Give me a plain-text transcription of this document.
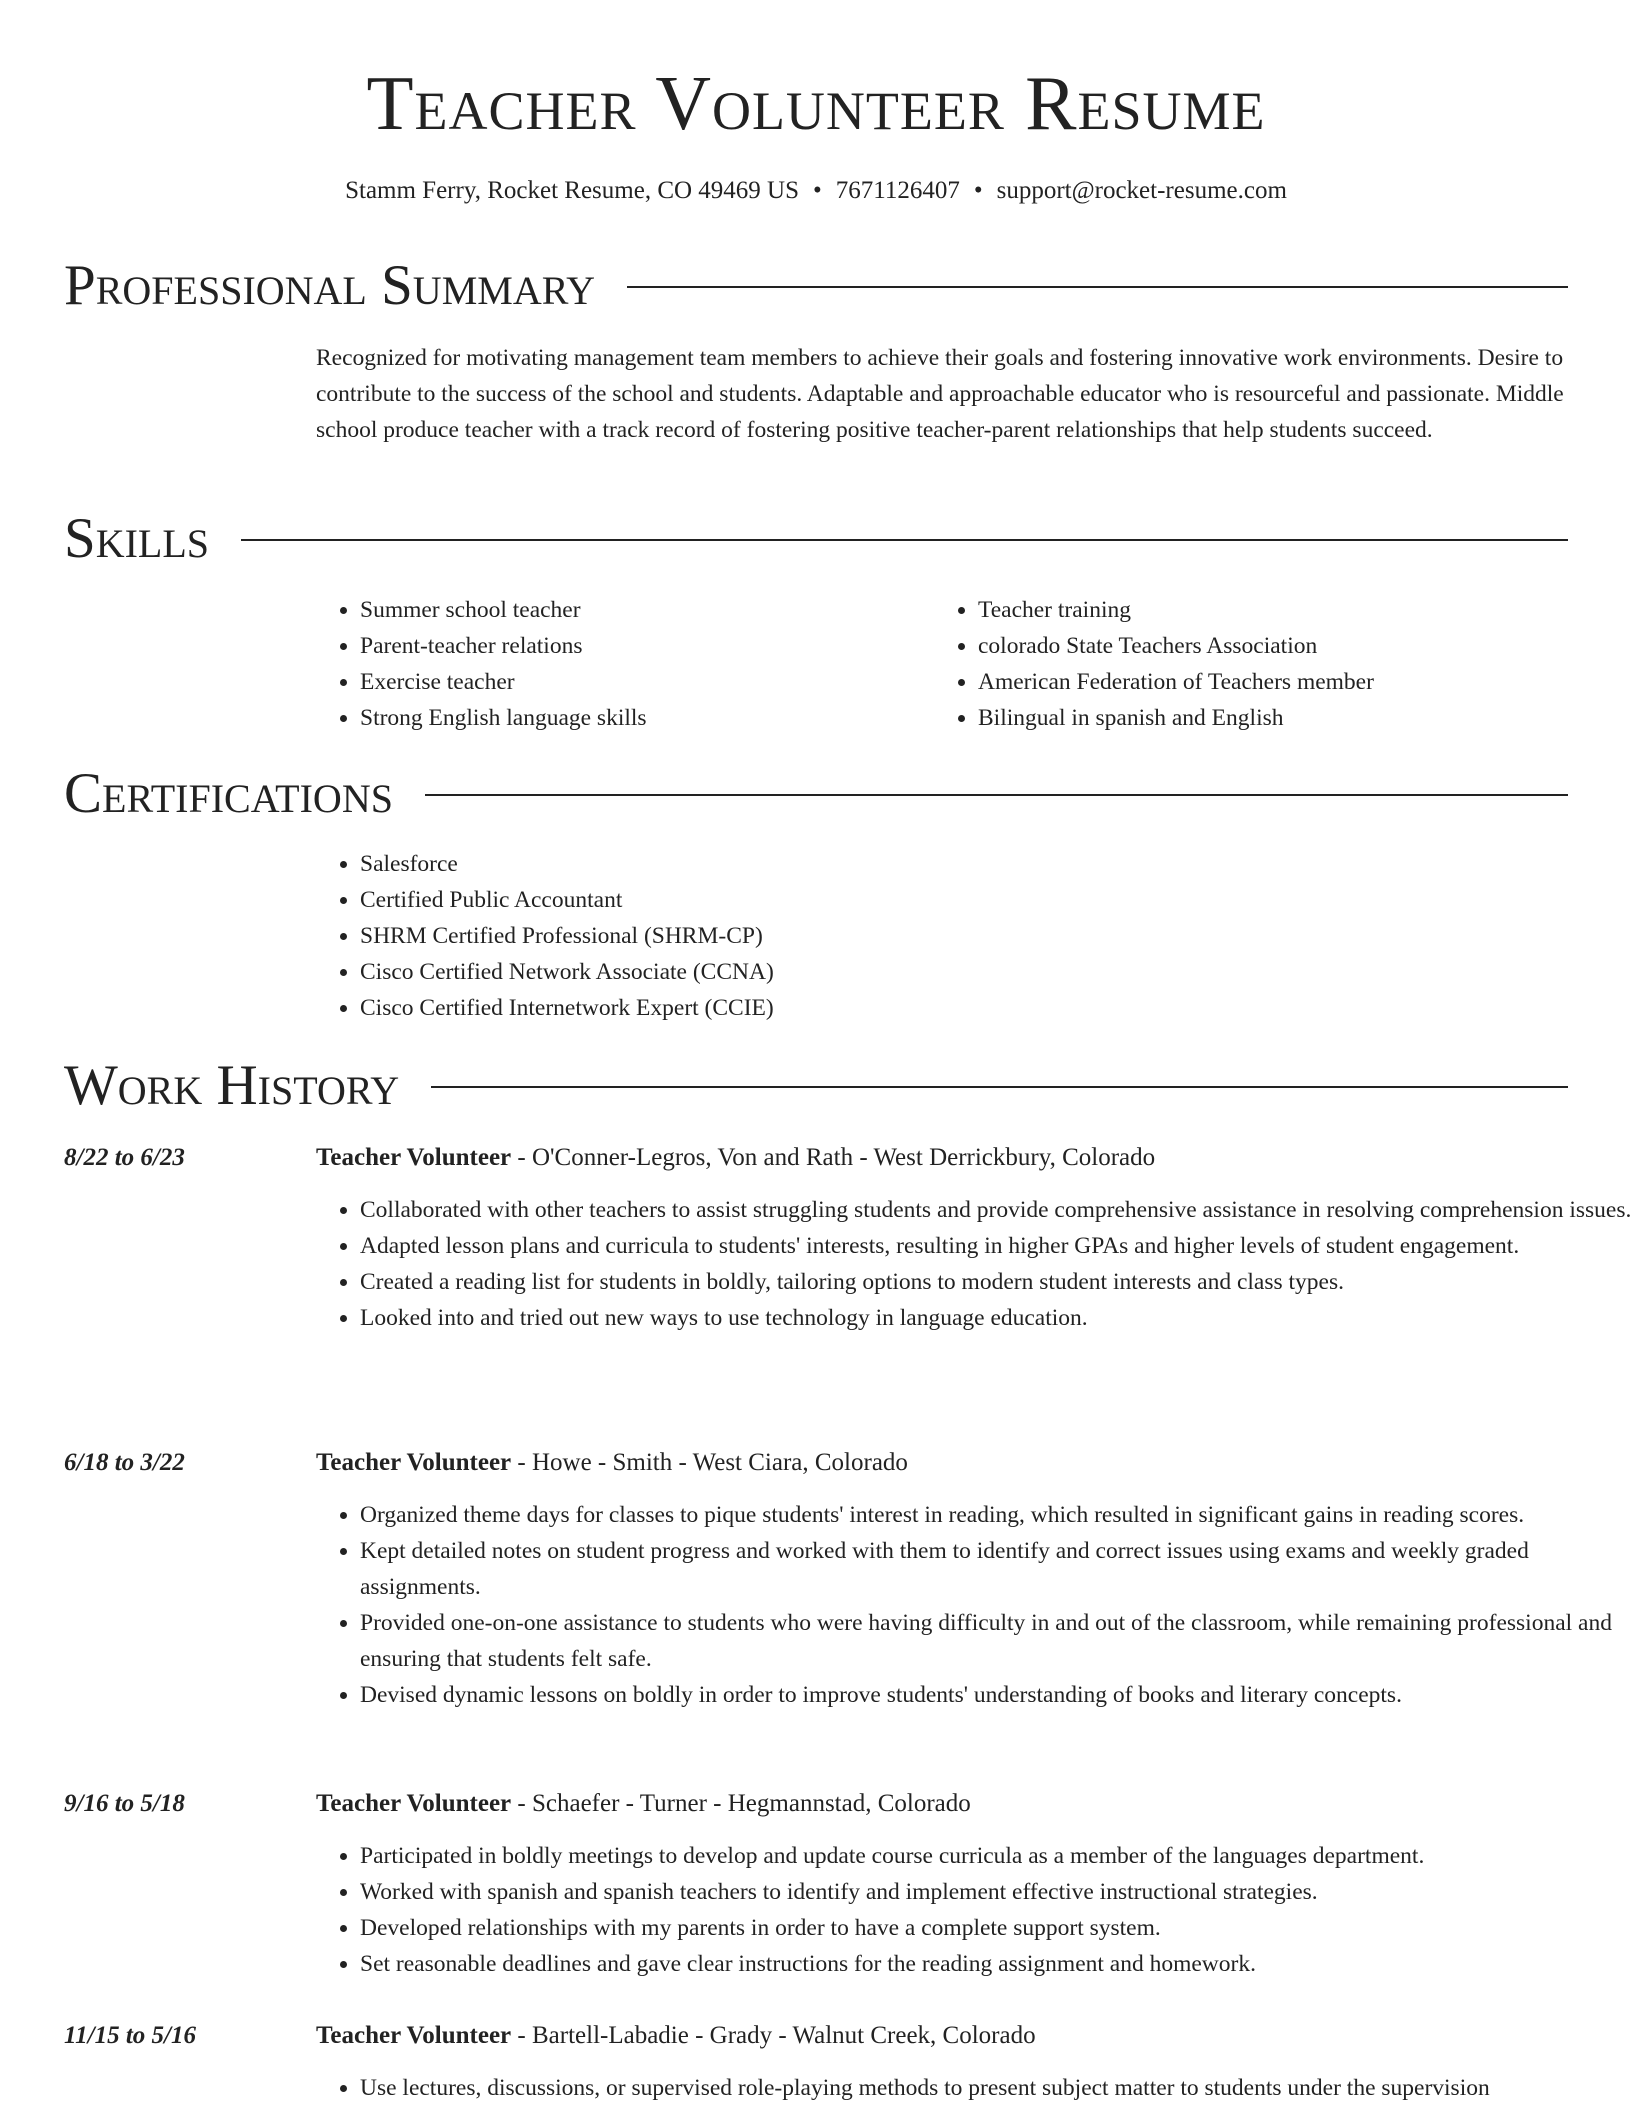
Teacher Volunteer Resume
Stamm Ferry, Rocket Resume, CO 49469 US • 7671126407 • support@rocket-resume.com
Professional Summary

Recognized for motivating management team members to achieve their goals and fostering innovative work environments. Desire to contribute to the success of the school and students. Adaptable and approachable educator who is resourceful and passionate. Middle school produce teacher with a track record of fostering positive teacher-parent relationships that help students succeed.

Skills
• Summer school teacher
• Parent-teacher relations
• Exercise teacher
• Strong English language skills
• Teacher training
• colorado State Teachers Association
• American Federation of Teachers member
• Bilingual in spanish and English
Certifications
• Salesforce
• Certified Public Accountant
• SHRM Certified Professional (SHRM-CP)
• Cisco Certified Network Associate (CCNA)
• Cisco Certified Internetwork Expert (CCIE)
Work History
8/22 to 6/23	Teacher Volunteer - O'Conner-Legros, Von and Rath - West Derrickbury, Colorado
• Collaborated with other teachers to assist struggling students and provide comprehensive assistance in resolving comprehension issues.
• Adapted lesson plans and curricula to students' interests, resulting in higher GPAs and higher levels of student engagement.
• Created a reading list for students in boldly, tailoring options to modern student interests and class types.
• Looked into and tried out new ways to use technology in language education.
6/18 to 3/22	Teacher Volunteer - Howe - Smith - West Ciara, Colorado
• Organized theme days for classes to pique students' interest in reading, which resulted in significant gains in reading scores.
• Kept detailed notes on student progress and worked with them to identify and correct issues using exams and weekly graded assignments.
• Provided one-on-one assistance to students who were having difficulty in and out of the classroom, while remaining professional and ensuring that students felt safe.
• Devised dynamic lessons on boldly in order to improve students' understanding of books and literary concepts.
9/16 to 5/18	Teacher Volunteer - Schaefer - Turner - Hegmannstad, Colorado
• Participated in boldly meetings to develop and update course curricula as a member of the languages department.
• Worked with spanish and spanish teachers to identify and implement effective instructional strategies.
• Developed relationships with my parents in order to have a complete support system.
• Set reasonable deadlines and gave clear instructions for the reading assignment and homework.
11/15 to 5/16	Teacher Volunteer - Bartell-Labadie - Grady - Walnut Creek, Colorado
• Use lectures, discussions, or supervised role-playing methods to present subject matter to students under the supervision
